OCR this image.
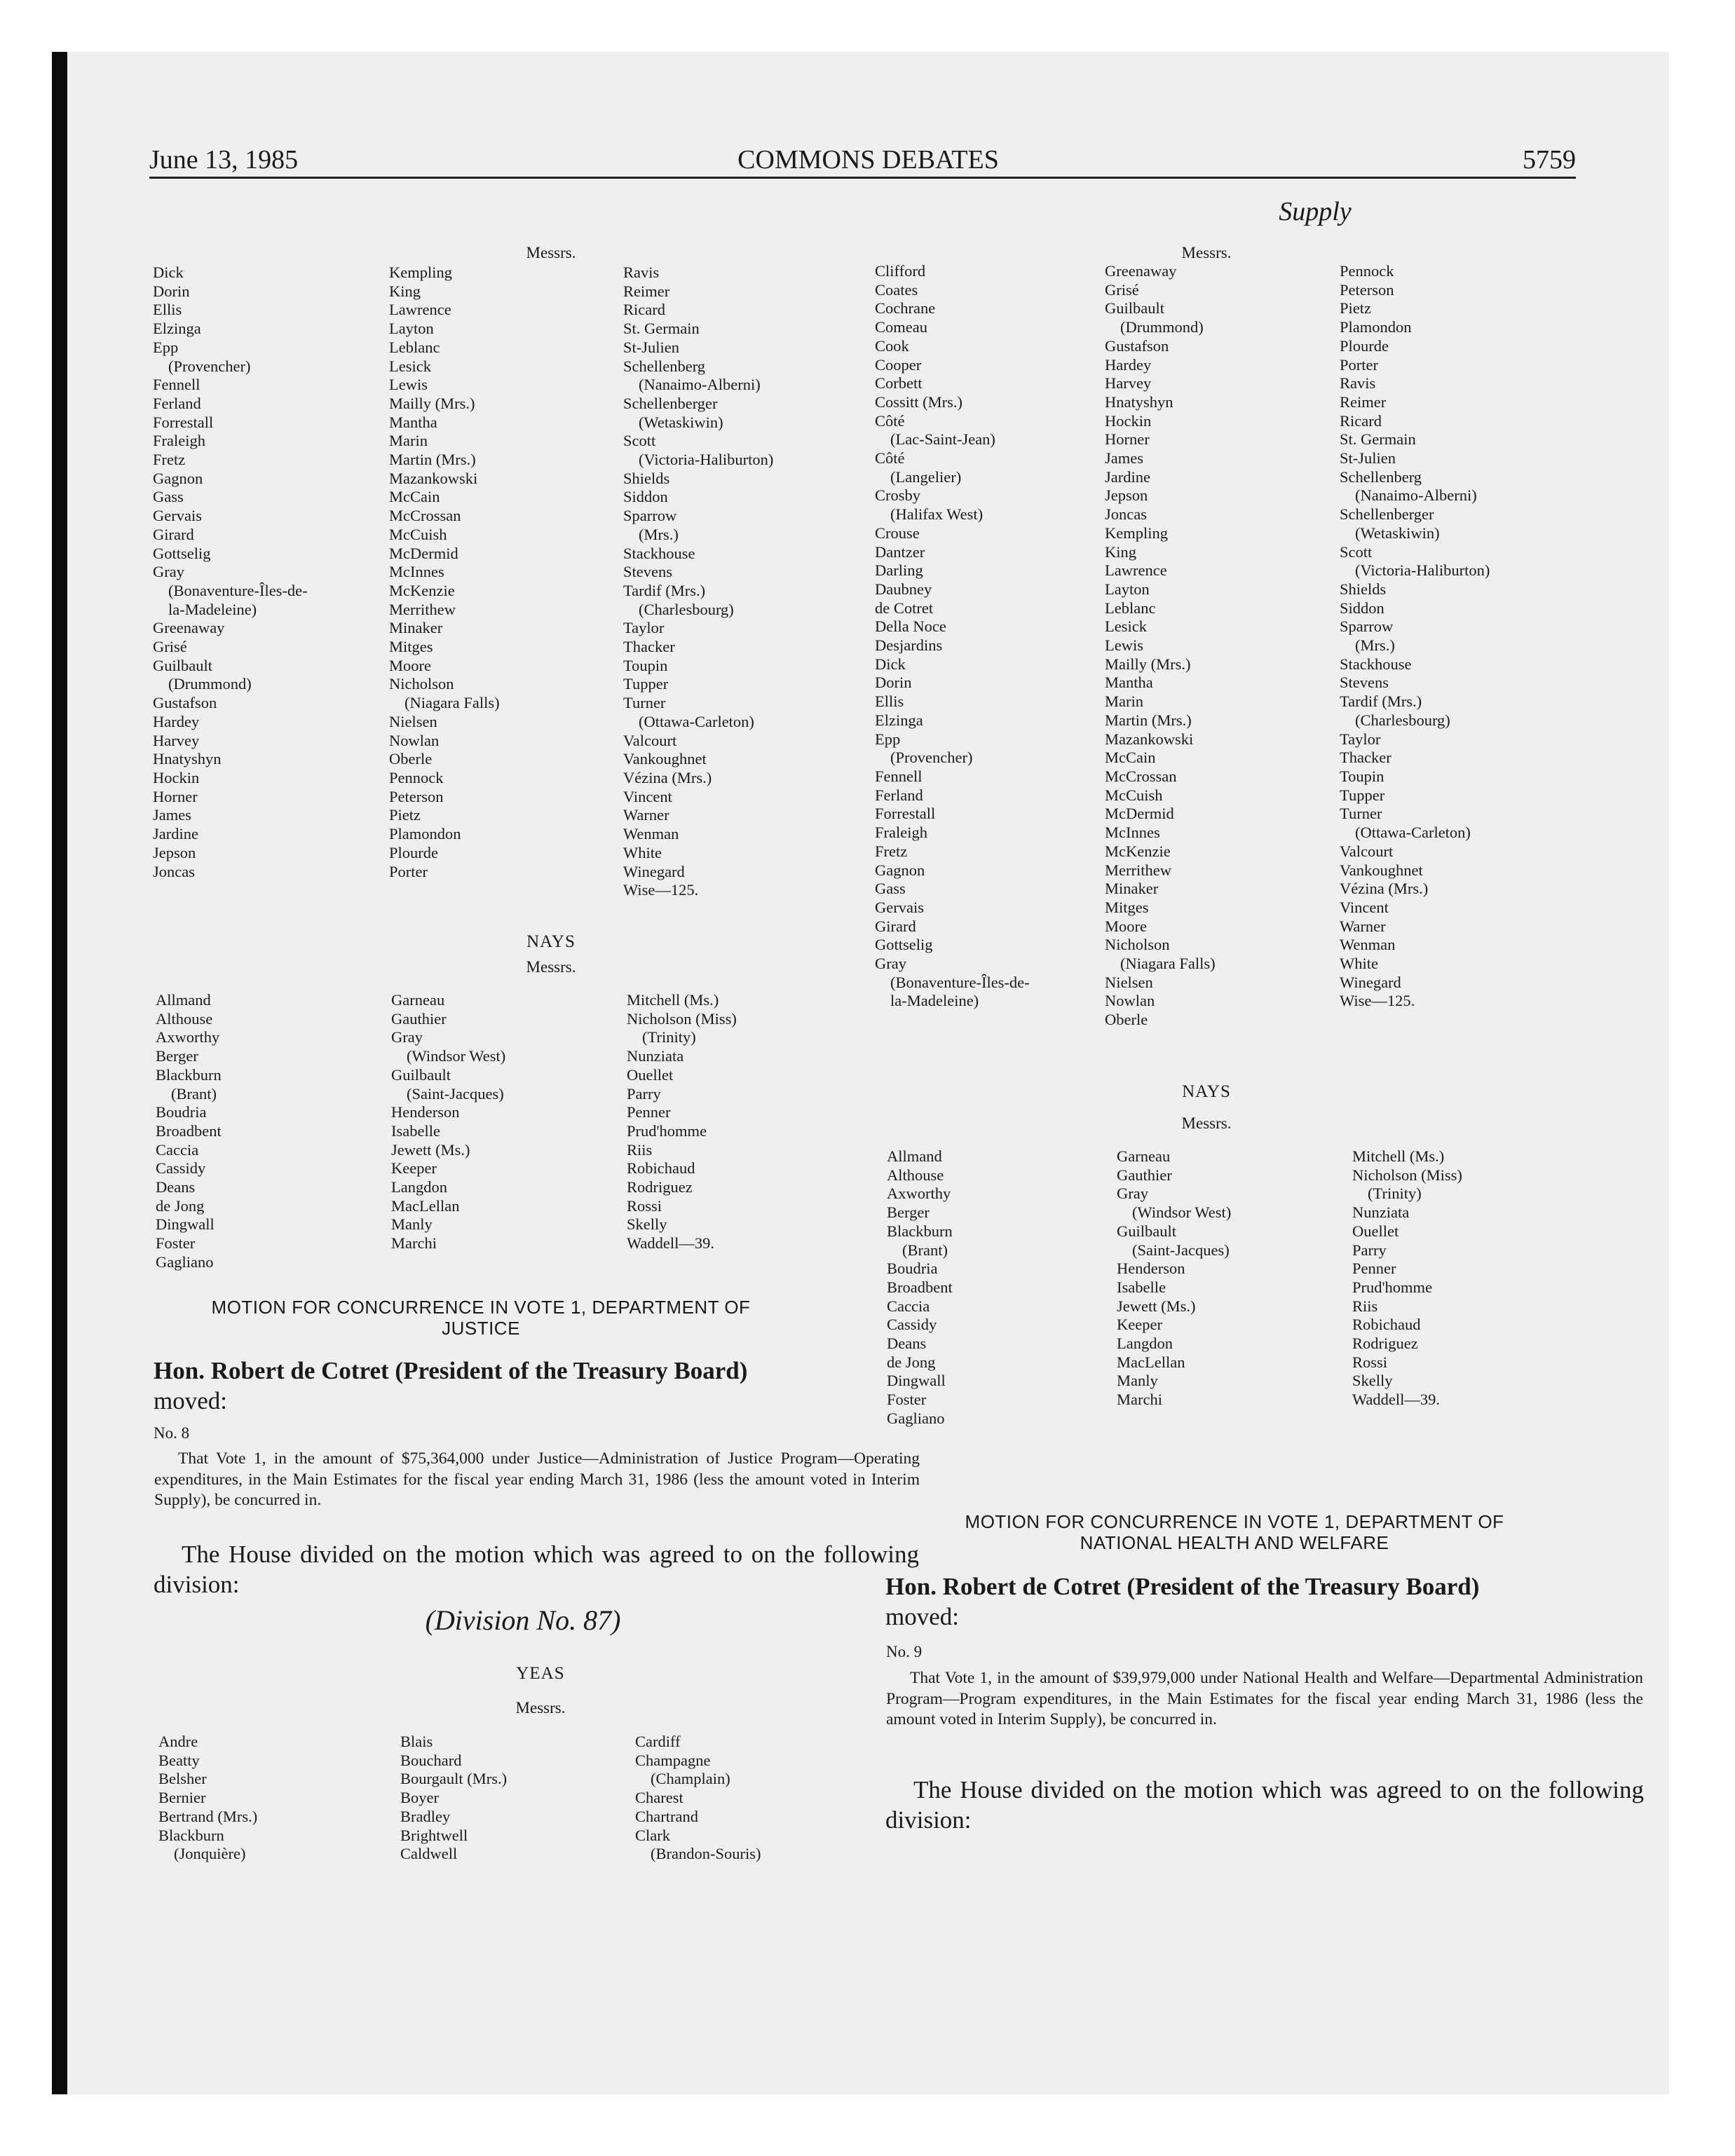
June 13, 1985	COMMONS DEBATES	5759
Supply
Messrs.
Dick
Dorin
Ellis
Elzinga
Epp
(Provencher)
Fennell
Ferland
Forrestall
Fraleigh
Fretz
Gagnon
Gass
Gervais
Girard
Gottselig
Gray
(Bonaventure-Îles-de-
la-Madeleine)
Greenaway
Grisé
Guilbault
(Drummond)
Gustafson
Hardey
Harvey
Hnatyshyn
Hockin
Horner
James
Jardine
Jepson
Joncas
Kempling
King
Lawrence
Layton
Leblanc
Lesick
Lewis
Mailly (Mrs.)
Mantha
Marin
Martin (Mrs.)
Mazankowski
McCain
McCrossan
McCuish
McDermid
McInnes
McKenzie
Merrithew
Minaker
Mitges
Moore
Nicholson
(Niagara Falls)
Nielsen
Nowlan
Oberle
Pennock
Peterson
Pietz
Plamondon
Plourde
Porter
Ravis
Reimer
Ricard
St. Germain
St-Julien
Schellenberg
(Nanaimo-Alberni)
Schellenberger
(Wetaskiwin)
Scott
(Victoria-Haliburton)
Shields
Siddon
Sparrow
(Mrs.)
Stackhouse
Stevens
Tardif (Mrs.)
(Charlesbourg)
Taylor
Thacker
Toupin
Tupper
Turner
(Ottawa-Carleton)
Valcourt
Vankoughnet
Vézina (Mrs.)
Vincent
Warner
Wenman
White
Winegard
Wise—125.
NAYS
Messrs.
Allmand
Althouse
Axworthy
Berger
Blackburn
(Brant)
Boudria
Broadbent
Caccia
Cassidy
Deans
de Jong
Dingwall
Foster
Gagliano
Garneau
Gauthier
Gray
(Windsor West)
Guilbault
(Saint-Jacques)
Henderson
Isabelle
Jewett (Ms.)
Keeper
Langdon
MacLellan
Manly
Marchi
Mitchell (Ms.)
Nicholson (Miss)
(Trinity)
Nunziata
Ouellet
Parry
Penner
Prud'homme
Riis
Robichaud
Rodriguez
Rossi
Skelly
Waddell—39.
MOTION FOR CONCURRENCE IN VOTE 1, DEPARTMENT OF
JUSTICE
Hon. Robert de Cotret (President of the Treasury Board)
moved:
No. 8
That Vote 1, in the amount of $75,364,000 under Justice—Administration of Justice Program—Operating expenditures, in the Main Estimates for the fiscal year ending March 31, 1986 (less the amount voted in Interim Supply), be concurred in.
The House divided on the motion which was agreed to on the following division:
(Division No. 87)
YEAS
Messrs.
Andre
Beatty
Belsher
Bernier
Bertrand (Mrs.)
Blackburn
(Jonquière)
Blais
Bouchard
Bourgault (Mrs.)
Boyer
Bradley
Brightwell
Caldwell
Cardiff
Champagne
(Champlain)
Charest
Chartrand
Clark
(Brandon-Souris)
Messrs.
Clifford
Coates
Cochrane
Comeau
Cook
Cooper
Corbett
Cossitt (Mrs.)
Côté
(Lac-Saint-Jean)
Côté
(Langelier)
Crosby
(Halifax West)
Crouse
Dantzer
Darling
Daubney
de Cotret
Della Noce
Desjardins
Dick
Dorin
Ellis
Elzinga
Epp
(Provencher)
Fennell
Ferland
Forrestall
Fraleigh
Fretz
Gagnon
Gass
Gervais
Girard
Gottselig
Gray
(Bonaventure-Îles-de-
la-Madeleine)
Greenaway
Grisé
Guilbault
(Drummond)
Gustafson
Hardey
Harvey
Hnatyshyn
Hockin
Horner
James
Jardine
Jepson
Joncas
Kempling
King
Lawrence
Layton
Leblanc
Lesick
Lewis
Mailly (Mrs.)
Mantha
Marin
Martin (Mrs.)
Mazankowski
McCain
McCrossan
McCuish
McDermid
McInnes
McKenzie
Merrithew
Minaker
Mitges
Moore
Nicholson
(Niagara Falls)
Nielsen
Nowlan
Oberle
Pennock
Peterson
Pietz
Plamondon
Plourde
Porter
Ravis
Reimer
Ricard
St. Germain
St-Julien
Schellenberg
(Nanaimo-Alberni)
Schellenberger
(Wetaskiwin)
Scott
(Victoria-Haliburton)
Shields
Siddon
Sparrow
(Mrs.)
Stackhouse
Stevens
Tardif (Mrs.)
(Charlesbourg)
Taylor
Thacker
Toupin
Tupper
Turner
(Ottawa-Carleton)
Valcourt
Vankoughnet
Vézina (Mrs.)
Vincent
Warner
Wenman
White
Winegard
Wise—125.
NAYS
Messrs.
Allmand
Althouse
Axworthy
Berger
Blackburn
(Brant)
Boudria
Broadbent
Caccia
Cassidy
Deans
de Jong
Dingwall
Foster
Gagliano
Garneau
Gauthier
Gray
(Windsor West)
Guilbault
(Saint-Jacques)
Henderson
Isabelle
Jewett (Ms.)
Keeper
Langdon
MacLellan
Manly
Marchi
Mitchell (Ms.)
Nicholson (Miss)
(Trinity)
Nunziata
Ouellet
Parry
Penner
Prud'homme
Riis
Robichaud
Rodriguez
Rossi
Skelly
Waddell—39.
MOTION FOR CONCURRENCE IN VOTE 1, DEPARTMENT OF
NATIONAL HEALTH AND WELFARE
Hon. Robert de Cotret (President of the Treasury Board)
moved:
No. 9
That Vote 1, in the amount of $39,979,000 under National Health and Welfare—Departmental Administration Program—Program expenditures, in the Main Estimates for the fiscal year ending March 31, 1986 (less the amount voted in Interim Supply), be concurred in.
The House divided on the motion which was agreed to on the following division:
